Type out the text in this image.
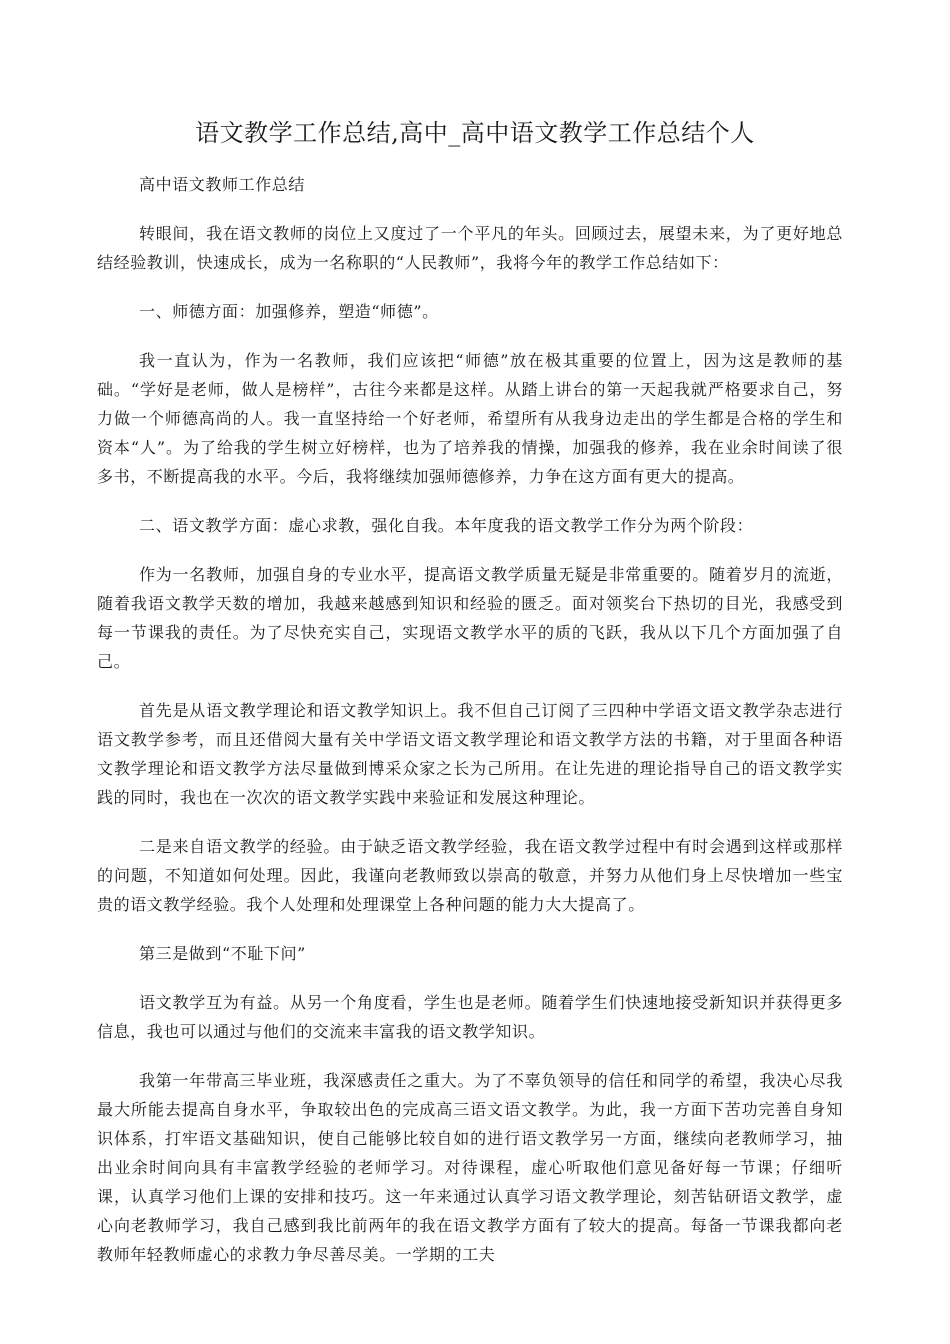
语文教学工作总结,高中_高中语文教学工作总结个人

高中语文教师工作总结

转眼间，我在语文教师的岗位上又度过了一个平凡的年头。回顾过去，展望未来，为了更好地总结经验教训，快速成长，成为一名称职的“人民教师”，我将今年的教学工作总结如下：

一、师德方面：加强修养，塑造“师德”。

我一直认为，作为一名教师，我们应该把“师德”放在极其重要的位置上，因为这是教师的基础。“学好是老师，做人是榜样”，古往今来都是这样。从踏上讲台的第一天起我就严格要求自己，努力做一个师德高尚的人。我一直坚持给一个好老师，希望所有从我身边走出的学生都是合格的学生和资本“人”。为了给我的学生树立好榜样，也为了培养我的情操，加强我的修养，我在业余时间读了很多书，不断提高我的水平。今后，我将继续加强师德修养，力争在这方面有更大的提高。

二、语文教学方面：虚心求教，强化自我。本年度我的语文教学工作分为两个阶段：

作为一名教师，加强自身的专业水平，提高语文教学质量无疑是非常重要的。随着岁月的流逝，随着我语文教学天数的增加，我越来越感到知识和经验的匮乏。面对领奖台下热切的目光，我感受到每一节课我的责任。为了尽快充实自己，实现语文教学水平的质的飞跃，我从以下几个方面加强了自己。

首先是从语文教学理论和语文教学知识上。我不但自己订阅了三四种中学语文语文教学杂志进行语文教学参考，而且还借阅大量有关中学语文语文教学理论和语文教学方法的书籍，对于里面各种语文教学理论和语文教学方法尽量做到博采众家之长为己所用。在让先进的理论指导自己的语文教学实践的同时，我也在一次次的语文教学实践中来验证和发展这种理论。

二是来自语文教学的经验。由于缺乏语文教学经验，我在语文教学过程中有时会遇到这样或那样的问题，不知道如何处理。因此，我谨向老教师致以崇高的敬意，并努力从他们身上尽快增加一些宝贵的语文教学经验。我个人处理和处理课堂上各种问题的能力大大提高了。

第三是做到“不耻下问”

语文教学互为有益。从另一个角度看，学生也是老师。随着学生们快速地接受新知识并获得更多信息，我也可以通过与他们的交流来丰富我的语文教学知识。

我第一年带高三毕业班，我深感责任之重大。为了不辜负领导的信任和同学的希望，我决心尽我最大所能去提高自身水平，争取较出色的完成高三语文语文教学。为此，我一方面下苦功完善自身知识体系，打牢语文基础知识，使自己能够比较自如的进行语文教学另一方面，继续向老教师学习，抽出业余时间向具有丰富教学经验的老师学习。对待课程，虚心听取他们意见备好每一节课；仔细听课，认真学习他们上课的安排和技巧。这一年来通过认真学习语文教学理论，刻苦钻研语文教学，虚心向老教师学习，我自己感到我比前两年的我在语文教学方面有了较大的提高。每备一节课我都向老教师年轻教师虚心的求教力争尽善尽美。一学期的工夫
